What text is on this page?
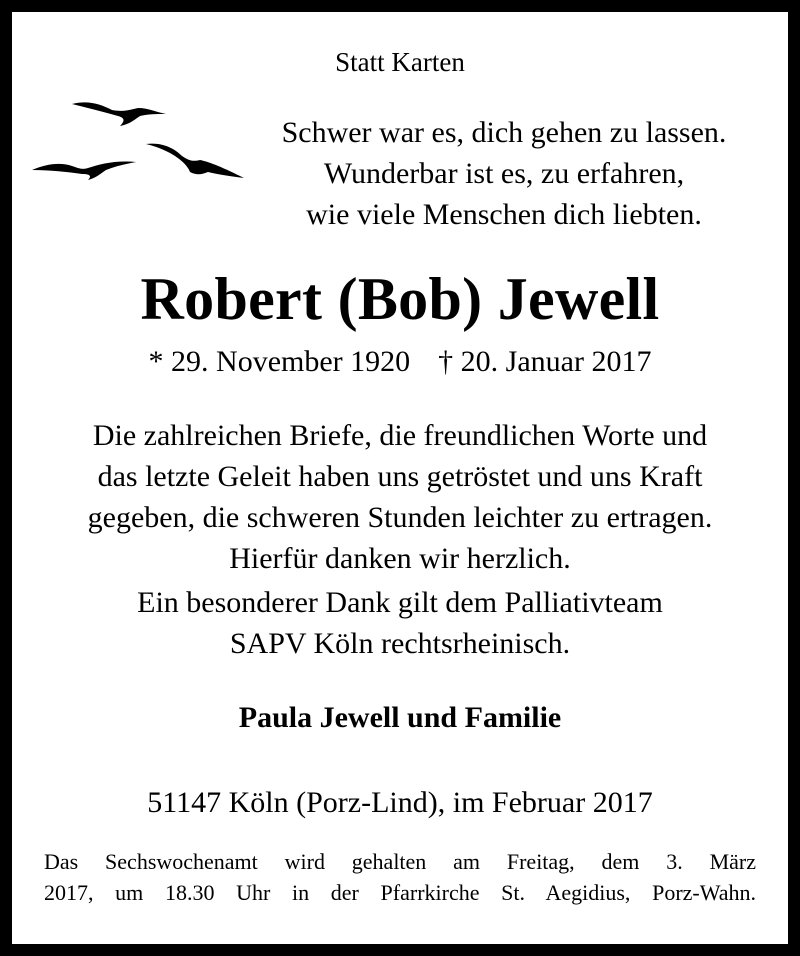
Statt Karten
Schwer war es, dich gehen zu lassen.
Wunderbar ist es, zu erfahren,
wie viele Menschen dich liebten.
Robert (Bob) Jewell
* 29. November 1920 † 20. Januar 2017
Die zahlreichen Briefe, die freundlichen Worte und
das letzte Geleit haben uns getröstet und uns Kraft
gegeben, die schweren Stunden leichter zu ertragen.
Hierfür danken wir herzlich.
Ein besonderer Dank gilt dem Palliativteam
SAPV Köln rechtsrheinisch.
Paula Jewell und Familie
51147 Köln (Porz-Lind), im Februar 2017
Das Sechswochenamt wird gehalten am Freitag, dem 3. März
2017, um 18.30 Uhr in der Pfarrkirche St. Aegidius, Porz-Wahn.
